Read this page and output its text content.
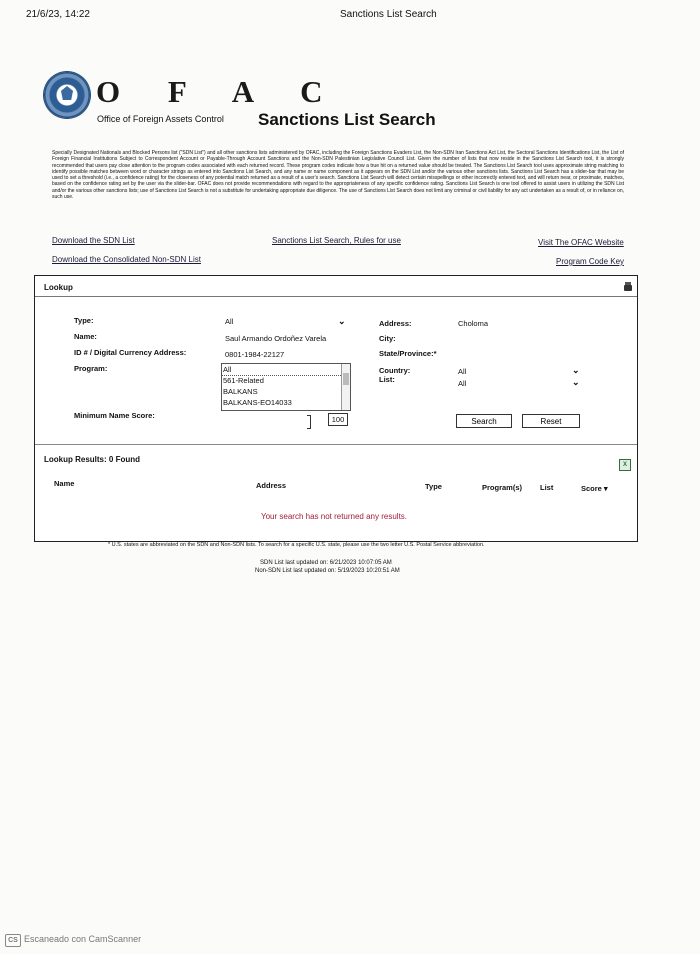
21/6/23, 14:22	Sanctions List Search
O F A C
Office of Foreign Assets Control Sanctions List Search
Specially Designated Nationals and Blocked Persons list ("SDN List") and all other sanctions lists administered by OFAC, including the Foreign Sanctions Evaders List, the Non-SDN Iran Sanctions Act List, the Sectoral Sanctions Identifications List, the List of Foreign Financial Institutions Subject to Correspondent Account or Payable-Through Account Sanctions and the Non-SDN Palestinian Legislative Council List. Given the number of lists that now reside in the Sanctions List Search tool, it is strongly recommended that users pay close attention to the program codes associated with each returned record. These program codes indicate how a true hit on a returned value should be treated. The Sanctions List Search tool uses approximate string matching to identify possible matches between word or character strings as entered into Sanctions List Search, and any name or name component as it appears on the SDN List and/or the various other sanctions lists. Sanctions List Search has a slider-bar that may be used to set a threshold (i.e., a confidence rating) for the closeness of any potential match returned as a result of a user's search. Sanctions List Search will detect certain misspellings or other incorrectly entered text, and will return near, or proximate, matches, based on the confidence rating set by the user via the slider-bar. OFAC does not provide recommendations with regard to the appropriateness of any specific confidence rating. Sanctions List Search is one tool offered to assist users in utilizing the SDN List and/or the various other sanctions lists; use of Sanctions List Search is not a substitute for undertaking appropriate due diligence. The use of Sanctions List Search does not limit any criminal or civil liability for any act undertaken as a result of, or in reliance on, such use.
Download the SDN List	Sanctions List Search, Rules for use	Visit The OFAC Website
Download the Consolidated Non-SDN List	Program Code Key
Lookup
Type:	All	⌄
Name:	Saul Armando Ordoñez Varela
ID # / Digital Currency Address:	0801-1984-22127
Program:	All
561-Related
BALKANS
BALKANS-EO14033
Minimum Name Score:	100
Address:	Choloma
City:
State/Province:*
Country:	All	⌄
List:	All	⌄
Search	Reset
Lookup Results: 0 Found
X
Name	Address	Type	Program(s) List	Score ▾
Your search has not returned any results.
* U.S. states are abbreviated on the SDN and Non-SDN lists. To search for a specific U.S. state, please use the two letter U.S. Postal Service abbreviation.
SDN List last updated on: 6/21/2023 10:07:05 AM
Non-SDN List last updated on: 5/19/2023 10:20:51 AM
CS Escaneado con CamScanner
